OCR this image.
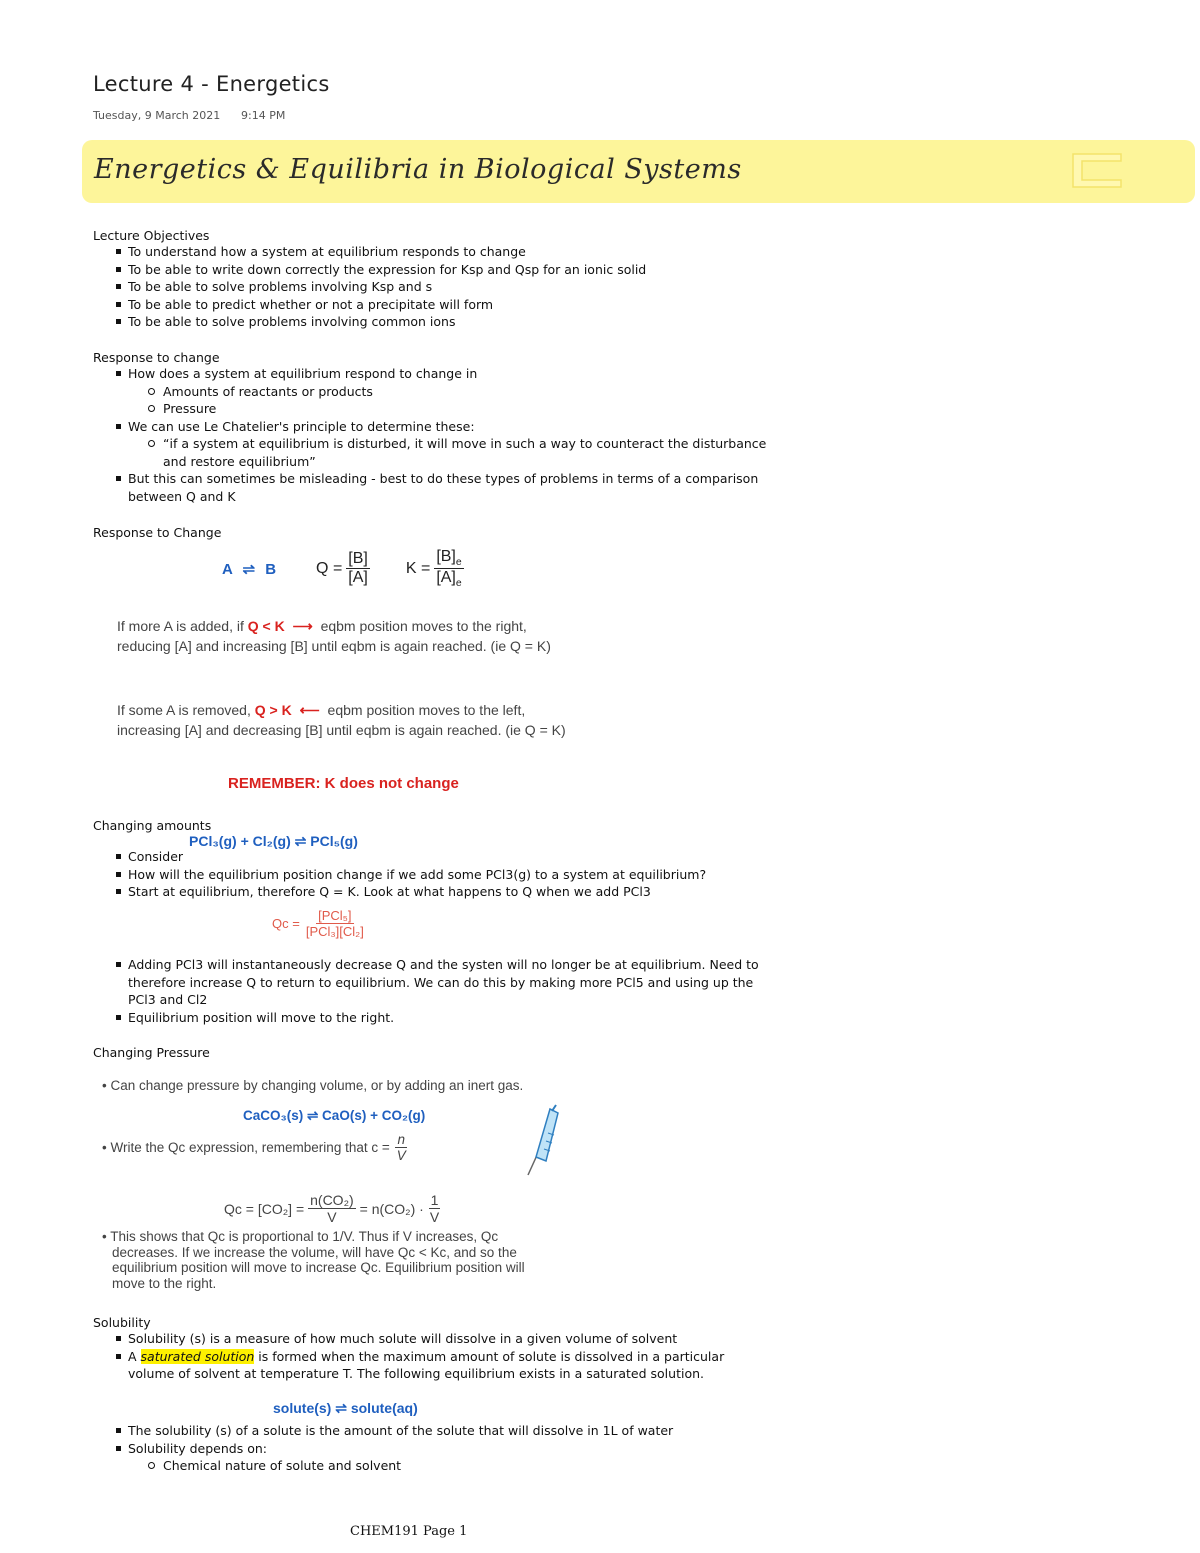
Lecture 4 - Energetics
Tuesday, 9 March 2021 9:14 PM
Energetics & Equilibria in Biological Systems
Lecture Objectives
To understand how a system at equilibrium responds to change
To be able to write down correctly the expression for Ksp and Qsp for an ionic solid
To be able to solve problems involving Ksp and s
To be able to predict whether or not a precipitate will form
To be able to solve problems involving common ions
Response to change
How does a system at equilibrium respond to change in
Amounts of reactants or products
Pressure
We can use Le Chatelier's principle to determine these:
“if a system at equilibrium is disturbed, it will move in such a way to counteract the disturbance and restore equilibrium”
But this can sometimes be misleading - best to do these types of problems in terms of a comparison between Q and K
Response to Change
A ⇌ B	$Q = \frac{[B]}{[A]}$ $K = \frac{[B]_e}{[A]_e}$
If more A is added, if Q < K ⟶ eqbm position moves to the right, reducing [A] and increasing [B] until eqbm is again reached. (ie Q = K)
If some A is removed, Q > K ⟵ eqbm position moves to the left, increasing [A] and decreasing [B] until eqbm is again reached. (ie Q = K)
REMEMBER: K does not change
Changing amounts
Consider
PCl₃(g) + Cl₂(g) ⇌ PCl₅(g)
How will the equilibrium position change if we add some PCl3(g) to a system at equilibrium?
Start at equilibrium, therefore Q = K. Look at what happens to Q when we add PCl3
$Qc = \frac{\text{[PCl₅]}}{\text{[PCl₃][Cl₂]}}$
Adding PCl3 will instantaneously decrease Q and the systen will no longer be at equilibrium. Need to therefore increase Q to return to equilibrium. We can do this by making more PCl5 and using up the PCl3 and Cl2
Equilibrium position will move to the right.
Changing Pressure
• Can change pressure by changing volume, or by adding an inert gas.
CaCO₃(s) ⇌ CaO(s) + CO₂(g)
• Write the Qc expression, remembering that $c = \frac{n}{V}$
$Qc = [CO_2] = \frac{\text{n(CO₂)}}{V} = n(CO_2) \cdot \frac{1}{V}$
• This shows that Qc is proportional to 1/V. Thus if V increases, Qc decreases. If we increase the volume, will have Qc < Kc, and so the equilibrium position will move to increase Qc. Equilibrium position will move to the right.
Solubility
Solubility (s) is a measure of how much solute will dissolve in a given volume of solvent
A saturated solution is formed when the maximum amount of solute is dissolved in a particular volume of solvent at temperature T. The following equilibrium exists in a saturated solution.
solute(s) ⇌ solute(aq)
The solubility (s) of a solute is the amount of the solute that will dissolve in 1L of water
Solubility depends on:
Chemical nature of solute and solvent
CHEM191 Page 1
